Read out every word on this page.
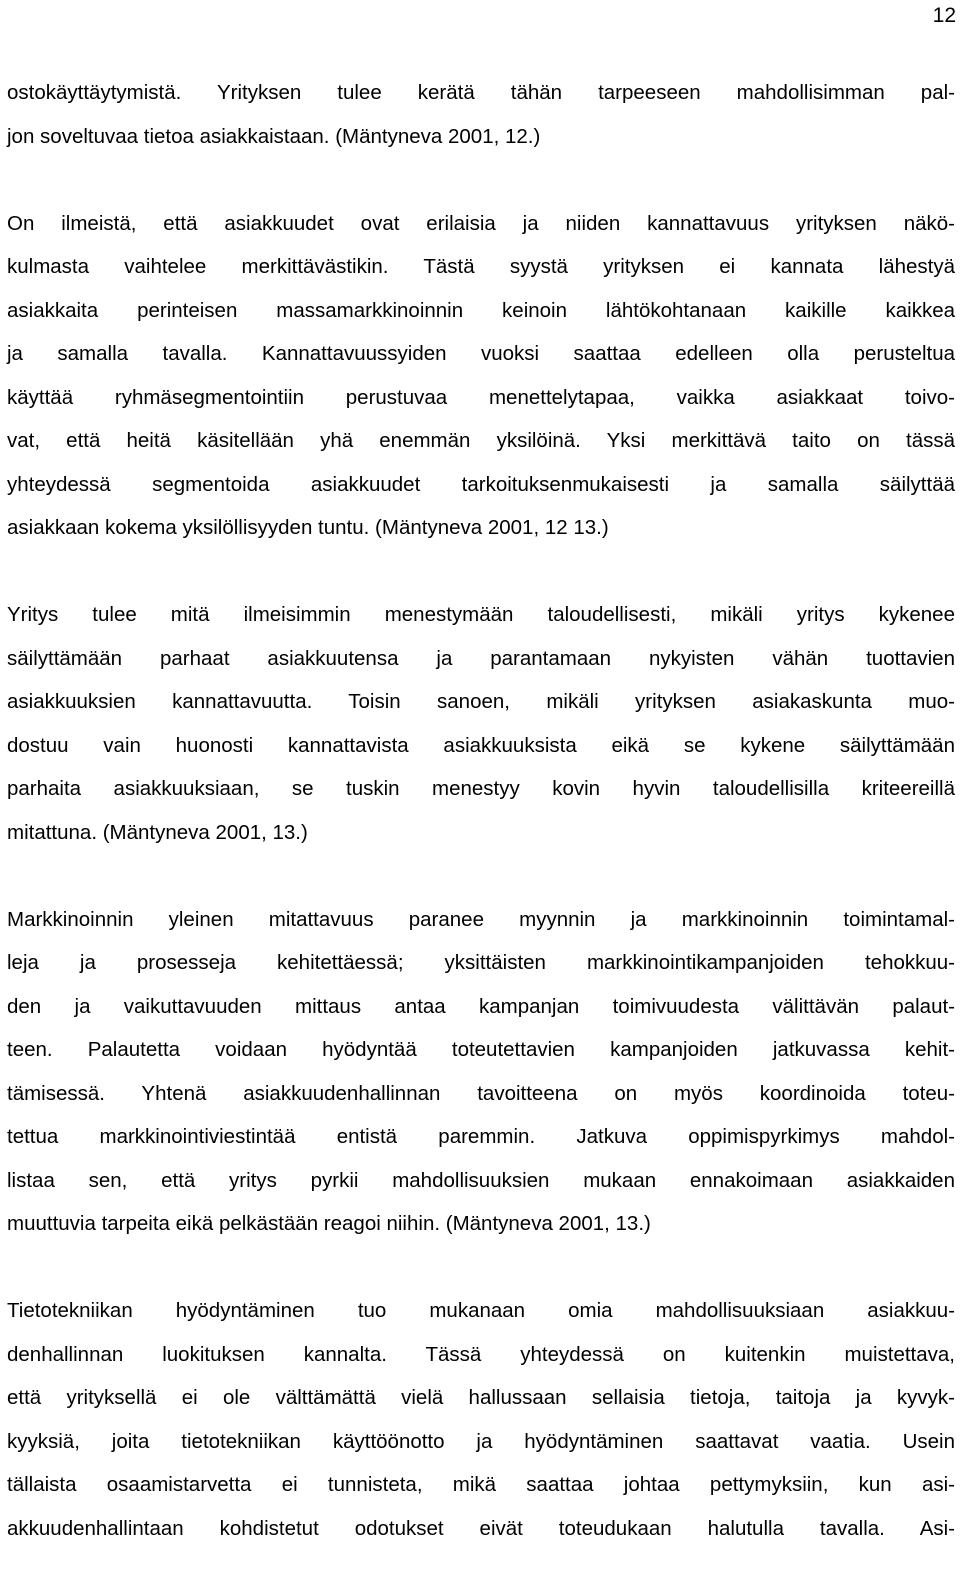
12
ostokäyttäytymistä. Yrityksen tulee kerätä tähän tarpeeseen mahdollisimman pal-
jon soveltuvaa tietoa asiakkaistaan. (Mäntyneva 2001, 12.)
On ilmeistä, että asiakkuudet ovat erilaisia ja niiden kannattavuus yrityksen näkö-
kulmasta vaihtelee merkittävästikin. Tästä syystä yrityksen ei kannata lähestyä
asiakkaita perinteisen massamarkkinoinnin keinoin lähtökohtanaan kaikille kaikkea
ja samalla tavalla. Kannattavuussyiden vuoksi saattaa edelleen olla perusteltua
käyttää ryhmäsegmentointiin perustuvaa menettelytapaa, vaikka asiakkaat toivo-
vat, että heitä käsitellään yhä enemmän yksilöinä. Yksi merkittävä taito on tässä
yhteydessä segmentoida asiakkuudet tarkoituksenmukaisesti ja samalla säilyttää
asiakkaan kokema yksilöllisyyden tuntu. (Mäntyneva 2001, 12 13.)
Yritys tulee mitä ilmeisimmin menestymään taloudellisesti, mikäli yritys kykenee
säilyttämään parhaat asiakkuutensa ja parantamaan nykyisten vähän tuottavien
asiakkuuksien kannattavuutta. Toisin sanoen, mikäli yrityksen asiakaskunta muo-
dostuu vain huonosti kannattavista asiakkuuksista eikä se kykene säilyttämään
parhaita asiakkuuksiaan, se tuskin menestyy kovin hyvin taloudellisilla kriteereillä
mitattuna. (Mäntyneva 2001, 13.)
Markkinoinnin yleinen mitattavuus paranee myynnin ja markkinoinnin toimintamal-
leja ja prosesseja kehitettäessä; yksittäisten markkinointikampanjoiden tehokkuu-
den ja vaikuttavuuden mittaus antaa kampanjan toimivuudesta välittävän palaut-
teen. Palautetta voidaan hyödyntää toteutettavien kampanjoiden jatkuvassa kehit-
tämisessä. Yhtenä asiakkuudenhallinnan tavoitteena on myös koordinoida toteu-
tettua markkinointiviestintää entistä paremmin. Jatkuva oppimispyrkimys mahdol-
listaa sen, että yritys pyrkii mahdollisuuksien mukaan ennakoimaan asiakkaiden
muuttuvia tarpeita eikä pelkästään reagoi niihin. (Mäntyneva 2001, 13.)
Tietotekniikan hyödyntäminen tuo mukanaan omia mahdollisuuksiaan asiakkuu-
denhallinnan luokituksen kannalta. Tässä yhteydessä on kuitenkin muistettava,
että yrityksellä ei ole välttämättä vielä hallussaan sellaisia tietoja, taitoja ja kyvyk-
kyyksiä, joita tietotekniikan käyttöönotto ja hyödyntäminen saattavat vaatia. Usein
tällaista osaamistarvetta ei tunnisteta, mikä saattaa johtaa pettymyksiin, kun asi-
akkuudenhallintaan kohdistetut odotukset eivät toteudukaan halutulla tavalla. Asi-
